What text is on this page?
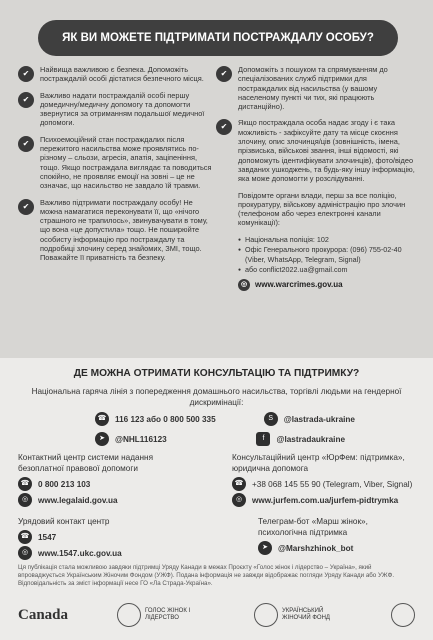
ЯК ВИ МОЖЕТЕ ПІДТРИМАТИ ПОСТРАЖДАЛУ ОСОБУ?
✔	Найвища важливою є безпека. Допоможіть постраждалій особі дістатися безпечного місця.
✔	Важливо надати постраждалій особі першу домедичну/медичну допомогу та допомогти звернутися за отриманням подальшої медичної допомоги.
✔	Психоемоційний стан постраждалих після пережитого насильства може проявлятись по-різному – сльози, агресія, апатія, заціпеніння, тощо. Якщо постраждала виглядає та поводиться спокійно, не проявляє емоції на зовні – це не означає, що насильство не завдало їй травми.
✔	Важливо підтримати постраждалу особу! Не можна намагатися переконувати її, що «нічого страшного не трапилось», звинувачувати в тому, що вона «це допустила» тощо. Не поширюйте особисту інформацію про постраждалу та подробиці злочину серед знайомих, ЗМІ, тощо. Поважайте її приватність та безпеку.
✔	Допоможіть з пошуком та спрямуванням до спеціалізованих служб підтримки для постраждалих від насильства (у вашому населеному пункті чи тих, які працюють дистанційно).
✔	Якщо постраждала особа надає згоду і є така можливість - зафіксуйте дату та місце скоєння злочину, опис злочинця/ців (зовнішність, імена, прізвиська, військові звання, інші відомості, які допоможуть ідентифікувати злочинців), фото/відео завданих ушкоджень, та будь-яку іншу інформацію, яка може допомогти у розслідуванні.
Повідомте органи влади, перш за все поліцію, прокуратуру, військову адміністрацію про злочин (телефоном або через електронні канали комунікації):
● Національна поліція: 102
● Офіс Генерального прокурора: (096) 755-02-40 (Viber, WhatsApp, Telegram, Signal)
● або conflict2022.ua@gmail.com
◎ www.warcrimes.gov.ua
ДЕ МОЖНА ОТРИМАТИ КОНСУЛЬТАЦІЮ ТА ПІДТРИМКУ?
Національна гаряча лінія з попередження домашнього насильства, торгівлі людьми на гендерної дискримінації:
☎	116 123 або 0 800 500 335	S	@lastrada-ukraine
➤	@NHL116123	f	@lastradaukraine
Контактний центр системи надання безоплатної правової допомоги
☎	0 800 213 103
◎	www.legalaid.gov.ua
Консультаційний центр «ЮрФем: підтримка», юридична допомога
☎	+38 068 145 55 90 (Telegram, Viber, Signal)
◎	www.jurfem.com.ua/jurfem-pidtrymka
Урядовий контакт центр
☎	1547
◎	www.1547.ukc.gov.ua
Телеграм-бот «Марш жінок», психологічна підтримка
➤	@Marshzhinok_bot
Ця публікація стала можливою завдяки підтримці Уряду Канади в межах Проєкту «Голос жінок і лідерство – Україна», який впроваджується Українським Жіночим Фондом (УЖФ). Подана інформація не завжди відображає погляди Уряду Канади або УЖФ. Відповідальність за зміст інформації несе ГО «Ла Страда-Україна».
Canada	ГОЛОС ЖІНОК І ЛІДЕРСТВО
УКРАЇНСЬКИЙ ЖІНОЧИЙ ФОНД
